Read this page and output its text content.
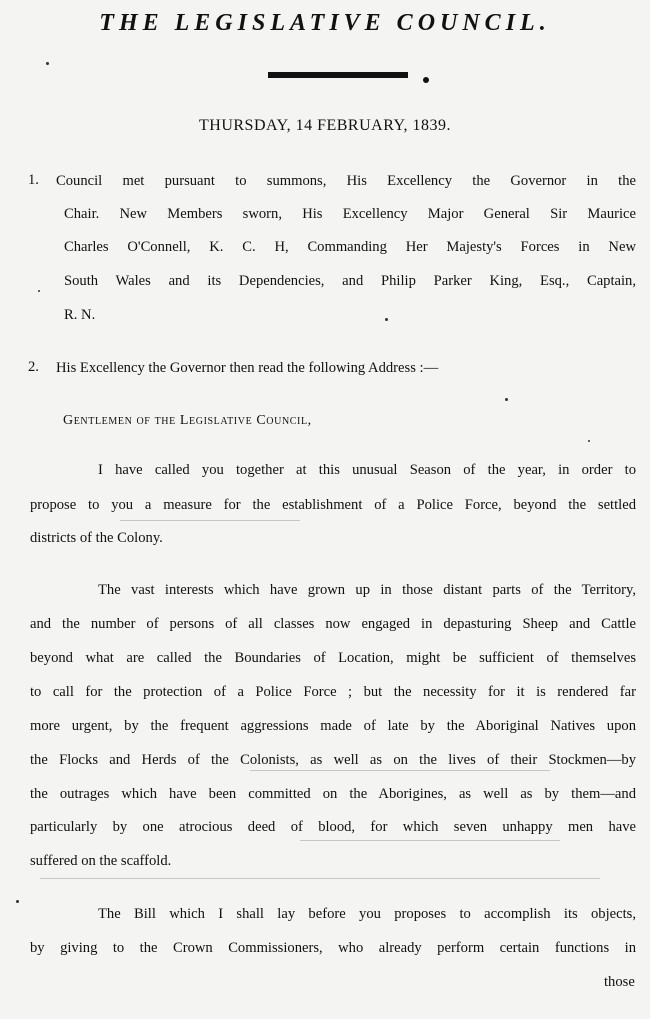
THE LEGISLATIVE COUNCIL.
THURSDAY, 14 FEBRUARY, 1839.
1. Council met pursuant to summons, His Excellency the Governor in the
Chair. New Members sworn, His Excellency Major General Sir Maurice
Charles O'Connell, K. C. H, Commanding Her Majesty's Forces in New
South Wales and its Dependencies, and Philip Parker King, Esq., Captain,
R. N.
2. His Excellency the Governor then read the following Address :—
Gentlemen of the Legislative Council,
I have called you together at this unusual Season of the year, in order to
propose to you a measure for the establishment of a Police Force, beyond the settled
districts of the Colony.
The vast interests which have grown up in those distant parts of the Territory,
and the number of persons of all classes now engaged in depasturing Sheep and Cattle
beyond what are called the Boundaries of Location, might be sufficient of themselves
to call for the protection of a Police Force ; but the necessity for it is rendered far
more urgent, by the frequent aggressions made of late by the Aboriginal Natives upon
the Flocks and Herds of the Colonists, as well as on the lives of their Stockmen—by
the outrages which have been committed on the Aborigines, as well as by them—and
particularly by one atrocious deed of blood, for which seven unhappy men have
suffered on the scaffold.
The Bill which I shall lay before you proposes to accomplish its objects,
by giving to the Crown Commissioners, who already perform certain functions in
those
